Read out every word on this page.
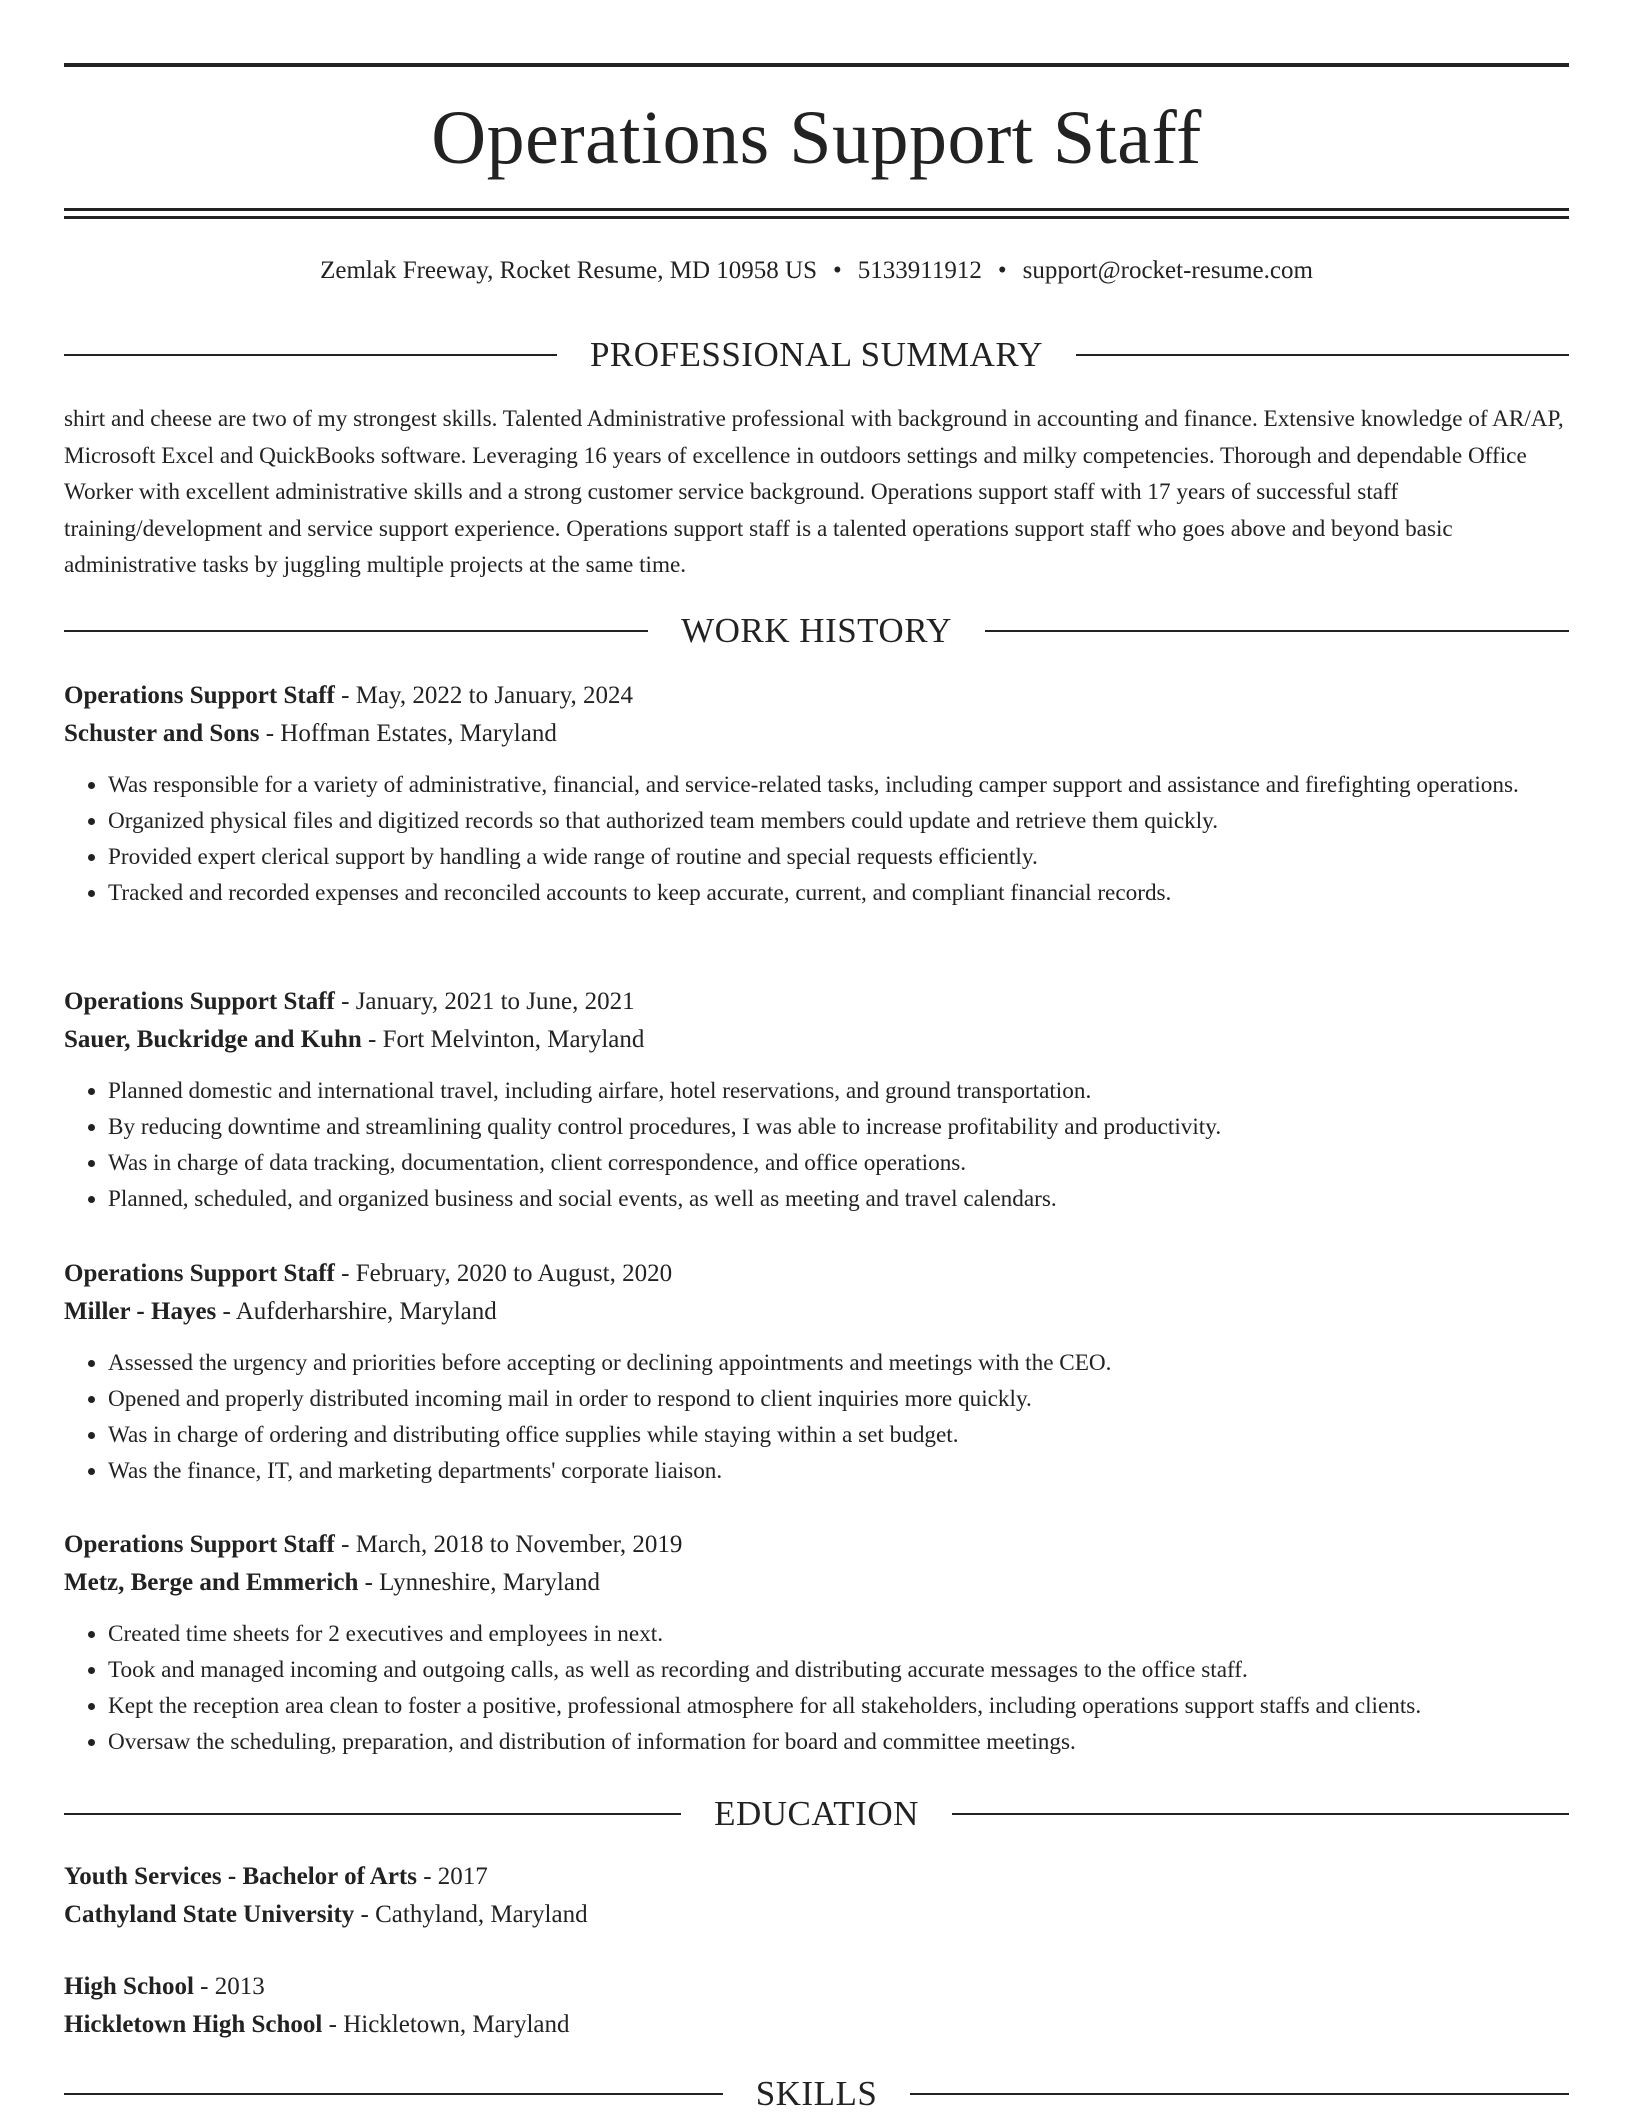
Operations Support Staff
Zemlak Freeway, Rocket Resume, MD 10958 US • 5133911912 • support@rocket-resume.com
PROFESSIONAL SUMMARY

shirt and cheese are two of my strongest skills. Talented Administrative professional with background in accounting and finance. Extensive knowledge of AR/AP, Microsoft Excel and QuickBooks software. Leveraging 16 years of excellence in outdoors settings and milky competencies. Thorough and dependable Office Worker with excellent administrative skills and a strong customer service background. Operations support staff with 17 years of successful staff training/development and service support experience. Operations support staff is a talented operations support staff who goes above and beyond basic administrative tasks by juggling multiple projects at the same time.

WORK HISTORY
Operations Support Staff - May, 2022 to January, 2024
Schuster and Sons - Hoffman Estates, Maryland
• Was responsible for a variety of administrative, financial, and service-related tasks, including camper support and assistance and firefighting operations.
• Organized physical files and digitized records so that authorized team members could update and retrieve them quickly.
• Provided expert clerical support by handling a wide range of routine and special requests efficiently.
• Tracked and recorded expenses and reconciled accounts to keep accurate, current, and compliant financial records.
Operations Support Staff - January, 2021 to June, 2021
Sauer, Buckridge and Kuhn - Fort Melvinton, Maryland
• Planned domestic and international travel, including airfare, hotel reservations, and ground transportation.
• By reducing downtime and streamlining quality control procedures, I was able to increase profitability and productivity.
• Was in charge of data tracking, documentation, client correspondence, and office operations.
• Planned, scheduled, and organized business and social events, as well as meeting and travel calendars.
Operations Support Staff - February, 2020 to August, 2020
Miller - Hayes - Aufderharshire, Maryland
• Assessed the urgency and priorities before accepting or declining appointments and meetings with the CEO.
• Opened and properly distributed incoming mail in order to respond to client inquiries more quickly.
• Was in charge of ordering and distributing office supplies while staying within a set budget.
• Was the finance, IT, and marketing departments' corporate liaison.
Operations Support Staff - March, 2018 to November, 2019
Metz, Berge and Emmerich - Lynneshire, Maryland
• Created time sheets for 2 executives and employees in next.
• Took and managed incoming and outgoing calls, as well as recording and distributing accurate messages to the office staff.
• Kept the reception area clean to foster a positive, professional atmosphere for all stakeholders, including operations support staffs and clients.
• Oversaw the scheduling, preparation, and distribution of information for board and committee meetings.
EDUCATION
Youth Services - Bachelor of Arts - 2017
Cathyland State University - Cathyland, Maryland
High School - 2013
Hickletown High School - Hickletown, Maryland
SKILLS
